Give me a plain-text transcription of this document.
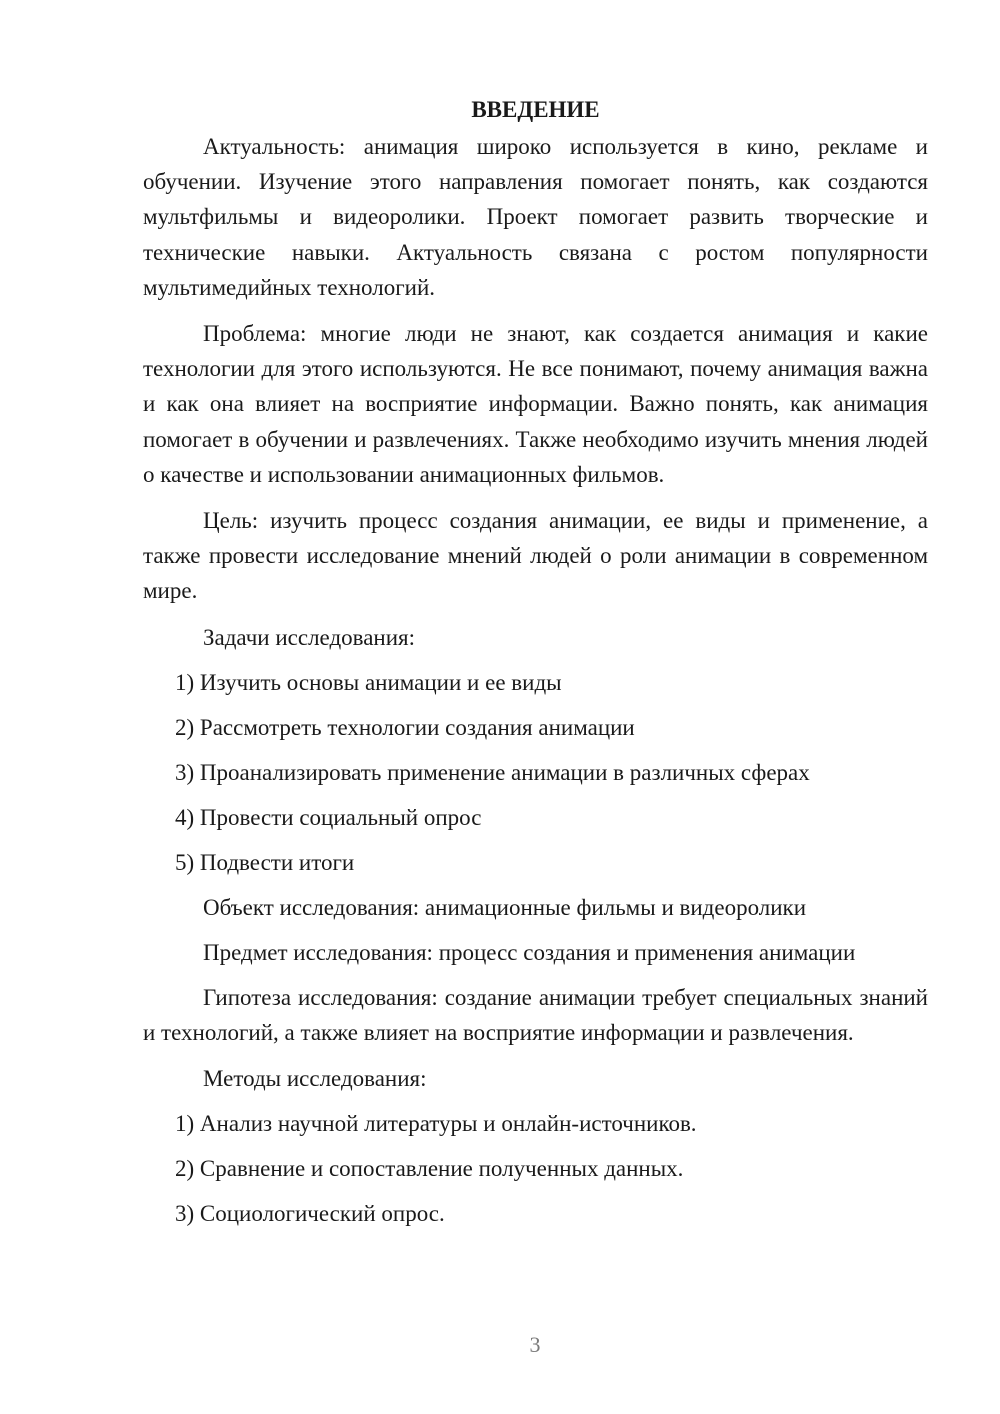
ВВЕДЕНИЕ

Актуальность: анимация широко используется в кино, рекламе и обучении. Изучение этого направления помогает понять, как создаются мультфильмы и видеоролики. Проект помогает развить творческие и технические навыки. Актуальность связана с ростом популярности мультимедийных технологий.

Проблема: многие люди не знают, как создается анимация и какие технологии для этого используются. Не все понимают, почему анимация важна и как она влияет на восприятие информации. Важно понять, как анимация помогает в обучении и развлечениях. Также необходимо изучить мнения людей о качестве и использовании анимационных фильмов.

Цель: изучить процесс создания анимации, ее виды и применение, а также провести исследование мнений людей о роли анимации в современном мире.

Задачи исследования:
1) Изучить основы анимации и ее виды
2) Рассмотреть технологии создания анимации
3) Проанализировать применение анимации в различных сферах
4) Провести социальный опрос
5) Подвести итоги
Объект исследования: анимационные фильмы и видеоролики
Предмет исследования: процесс создания и применения анимации

Гипотеза исследования: создание анимации требует специальных знаний и технологий, а также влияет на восприятие информации и развлечения.

Методы исследования:
1) Анализ научной литературы и онлайн-источников.
2) Сравнение и сопоставление полученных данных.
3) Социологический опрос.
3
